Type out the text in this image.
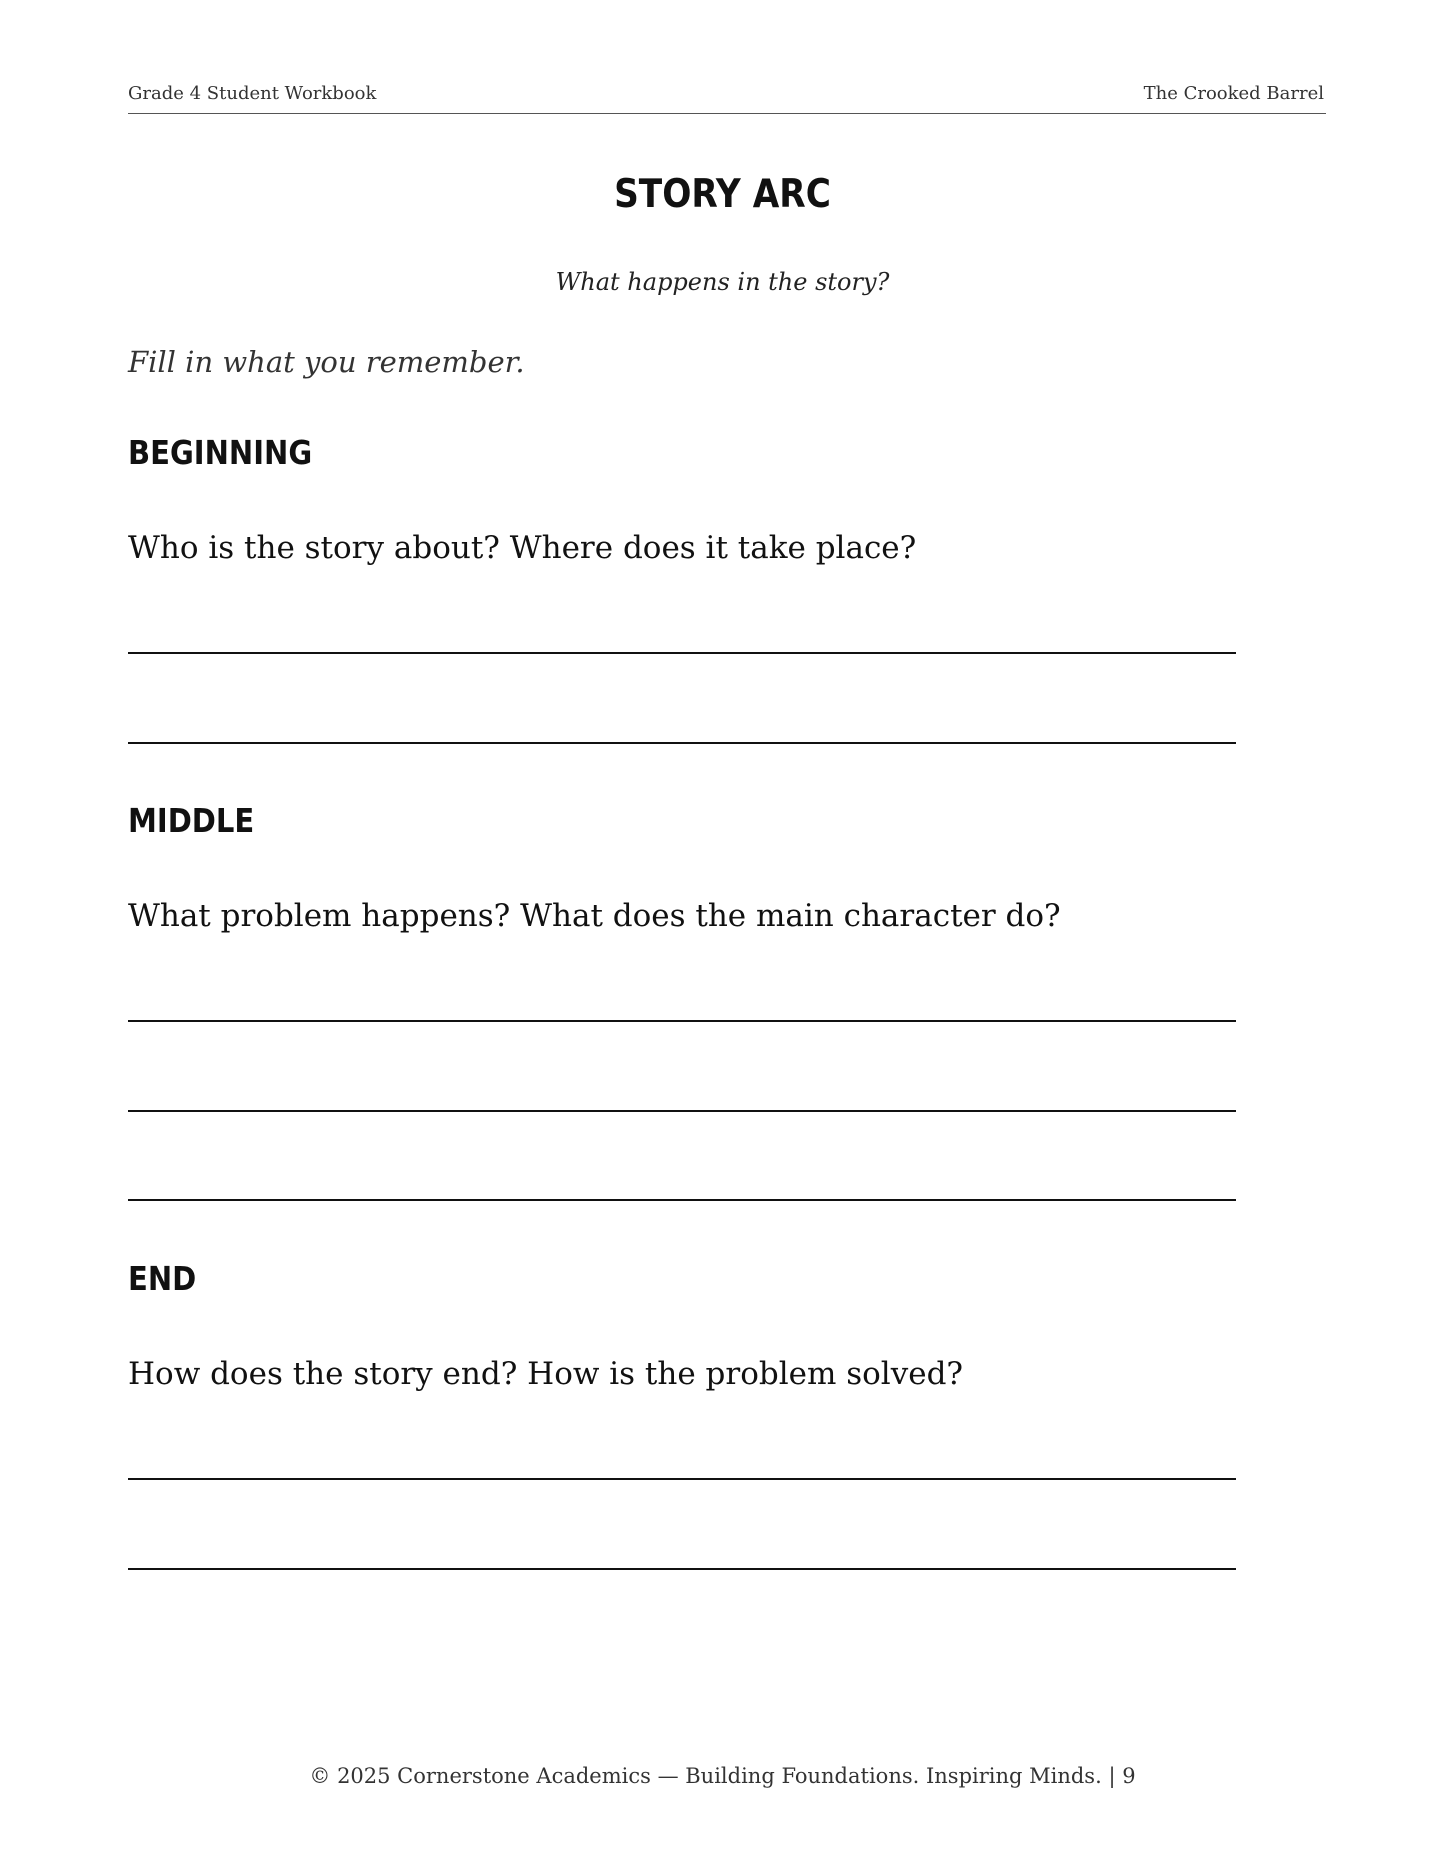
Grade 4 Student Workbook	The Crooked Barrel
STORY ARC
What happens in the story?
Fill in what you remember.
BEGINNING
Who is the story about? Where does it take place?
MIDDLE
What problem happens? What does the main character do?
END
How does the story end? How is the problem solved?
© 2025 Cornerstone Academics — Building Foundations. Inspiring Minds. | 9
